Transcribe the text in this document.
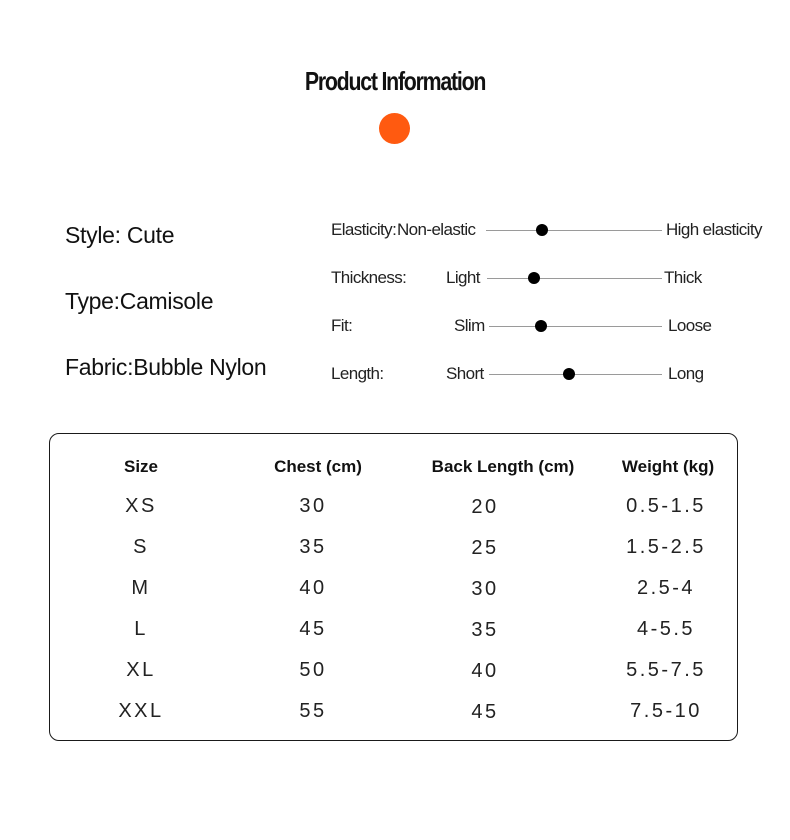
Product Information
Style: Cute
Type:Camisole
Fabric:Bubble Nylon
Elasticity: Non-elastic	High elasticity
Thickness: Light	Thick
Fit:	Slim	Loose
Length:	Short	Long
Size	Chest (cm)	Back Length (cm)	Weight (kg)
XS	30	20	0.5-1.5
S	35	25	1.5-2.5
M	40	30	2.5-4
L	45	35	4-5.5
XL	50	40	5.5-7.5
XXL	55	45	7.5-10
